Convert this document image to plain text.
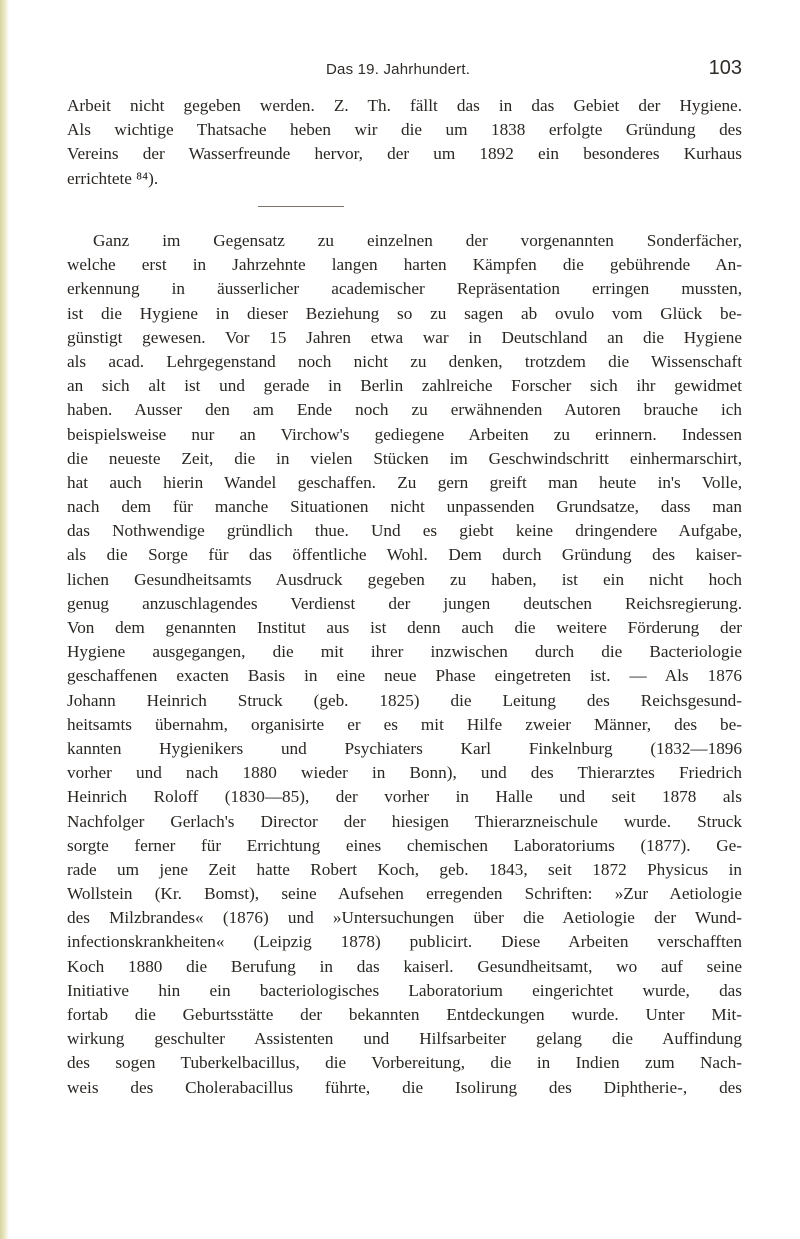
Das 19. Jahrhundert.	103
Arbeit nicht gegeben werden. Z. Th. fällt das in das Gebiet der Hygiene.
Als wichtige Thatsache heben wir die um 1838 erfolgte Gründung des
Vereins der Wasserfreunde hervor, der um 1892 ein besonderes Kurhaus
errichtete ⁸⁴).
Ganz im Gegensatz zu einzelnen der vorgenannten Sonderfächer,
welche erst in Jahrzehnte langen harten Kämpfen die gebührende An-
erkennung in äusserlicher academischer Repräsentation erringen mussten,
ist die Hygiene in dieser Beziehung so zu sagen ab ovulo vom Glück be-
günstigt gewesen. Vor 15 Jahren etwa war in Deutschland an die Hygiene
als acad. Lehrgegenstand noch nicht zu denken, trotzdem die Wissenschaft
an sich alt ist und gerade in Berlin zahlreiche Forscher sich ihr gewidmet
haben. Ausser den am Ende noch zu erwähnenden Autoren brauche ich
beispielsweise nur an Virchow's gediegene Arbeiten zu erinnern. Indessen
die neueste Zeit, die in vielen Stücken im Geschwindschritt einhermarschirt,
hat auch hierin Wandel geschaffen. Zu gern greift man heute in's Volle,
nach dem für manche Situationen nicht unpassenden Grundsatze, dass man
das Nothwendige gründlich thue. Und es giebt keine dringendere Aufgabe,
als die Sorge für das öffentliche Wohl. Dem durch Gründung des kaiser-
lichen Gesundheitsamts Ausdruck gegeben zu haben, ist ein nicht hoch
genug anzuschlagendes Verdienst der jungen deutschen Reichsregierung.
Von dem genannten Institut aus ist denn auch die weitere Förderung der
Hygiene ausgegangen, die mit ihrer inzwischen durch die Bacteriologie
geschaffenen exacten Basis in eine neue Phase eingetreten ist. — Als 1876
Johann Heinrich Struck (geb. 1825) die Leitung des Reichsgesund-
heitsamts übernahm, organisirte er es mit Hilfe zweier Männer, des be-
kannten Hygienikers und Psychiaters Karl Finkelnburg (1832—1896
vorher und nach 1880 wieder in Bonn), und des Thierarztes Friedrich
Heinrich Roloff (1830—85), der vorher in Halle und seit 1878 als
Nachfolger Gerlach's Director der hiesigen Thierarzneischule wurde. Struck
sorgte ferner für Errichtung eines chemischen Laboratoriums (1877). Ge-
rade um jene Zeit hatte Robert Koch, geb. 1843, seit 1872 Physicus in
Wollstein (Kr. Bomst), seine Aufsehen erregenden Schriften: »Zur Aetiologie
des Milzbrandes« (1876) und »Untersuchungen über die Aetiologie der Wund-
infectionskrankheiten« (Leipzig 1878) publicirt. Diese Arbeiten verschafften
Koch 1880 die Berufung in das kaiserl. Gesundheitsamt, wo auf seine
Initiative hin ein bacteriologisches Laboratorium eingerichtet wurde, das
fortab die Geburtsstätte der bekannten Entdeckungen wurde. Unter Mit-
wirkung geschulter Assistenten und Hilfsarbeiter gelang die Auffindung
des sogen Tuberkelbacillus, die Vorbereitung, die in Indien zum Nach-
weis des Cholerabacillus führte, die Isolirung des Diphtherie-, des
